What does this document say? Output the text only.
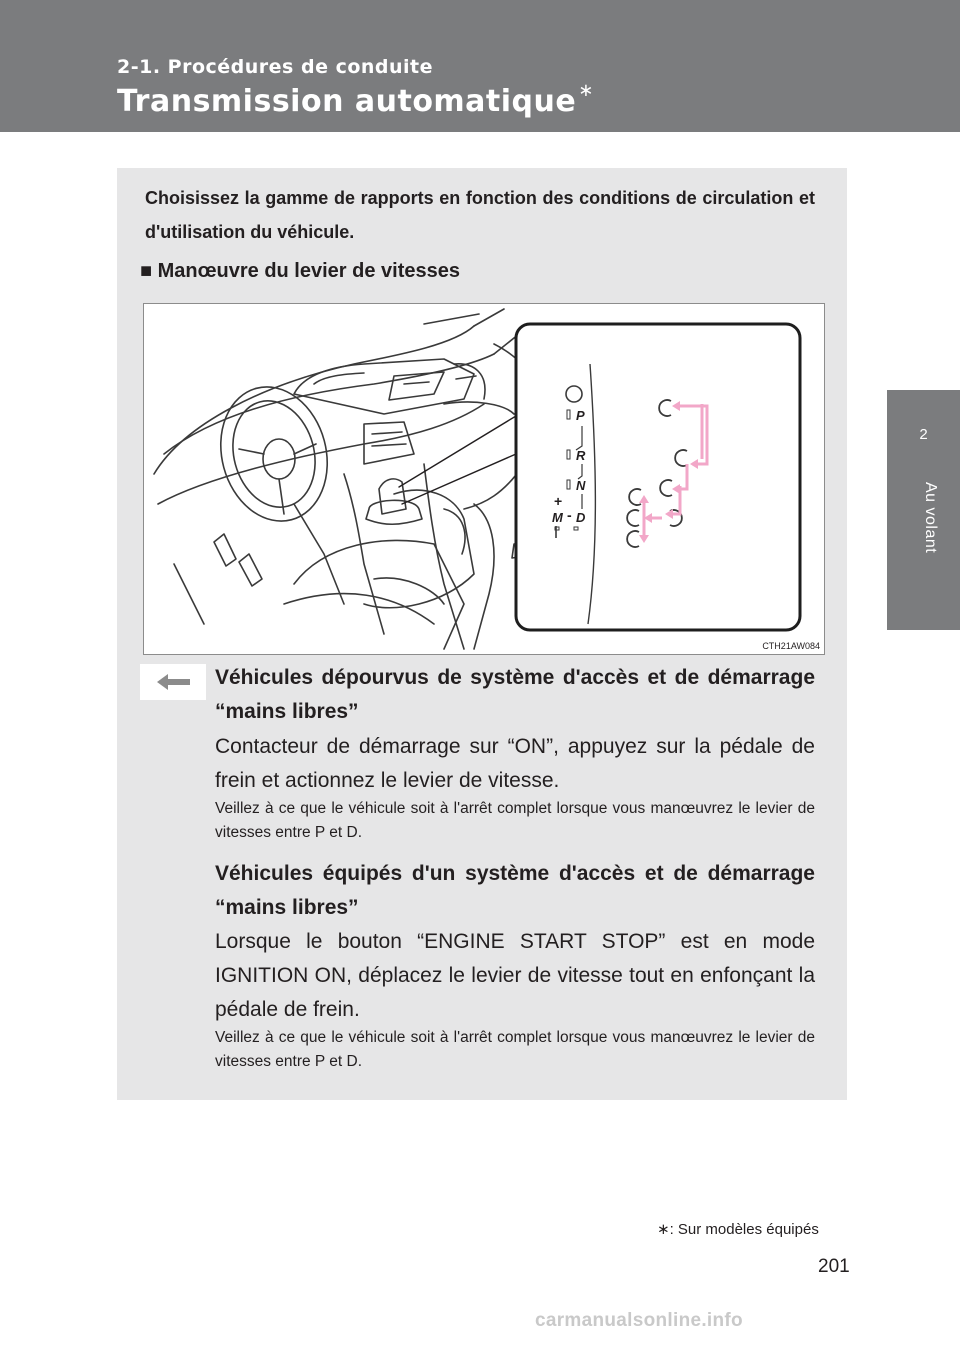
2-1. Procédures de conduite
Transmission automatique ∗
2
Au volant
Choisissez la gamme de rapports en fonction des conditions de circulation et d'utilisation du véhicule.
■ Manœuvre du levier de vitesses
P
R
N
D
M
+
-
CTH21AW084
Véhicules dépourvus de système d'accès et de démarrage “mains libres”
Contacteur de démarrage sur “ON”, appuyez sur la pédale de frein et actionnez le levier de vitesse.
Veillez à ce que le véhicule soit à l'arrêt complet lorsque vous manœuvrez le levier de vitesses entre P et D.
Véhicules équipés d'un système d'accès et de démarrage “mains libres”
Lorsque le bouton “ENGINE START STOP” est en mode IGNITION ON, déplacez le levier de vitesse tout en enfonçant la pédale de frein.
Veillez à ce que le véhicule soit à l'arrêt complet lorsque vous manœuvrez le levier de vitesses entre P et D.
∗: Sur modèles équipés
201
carmanualsonline.info
